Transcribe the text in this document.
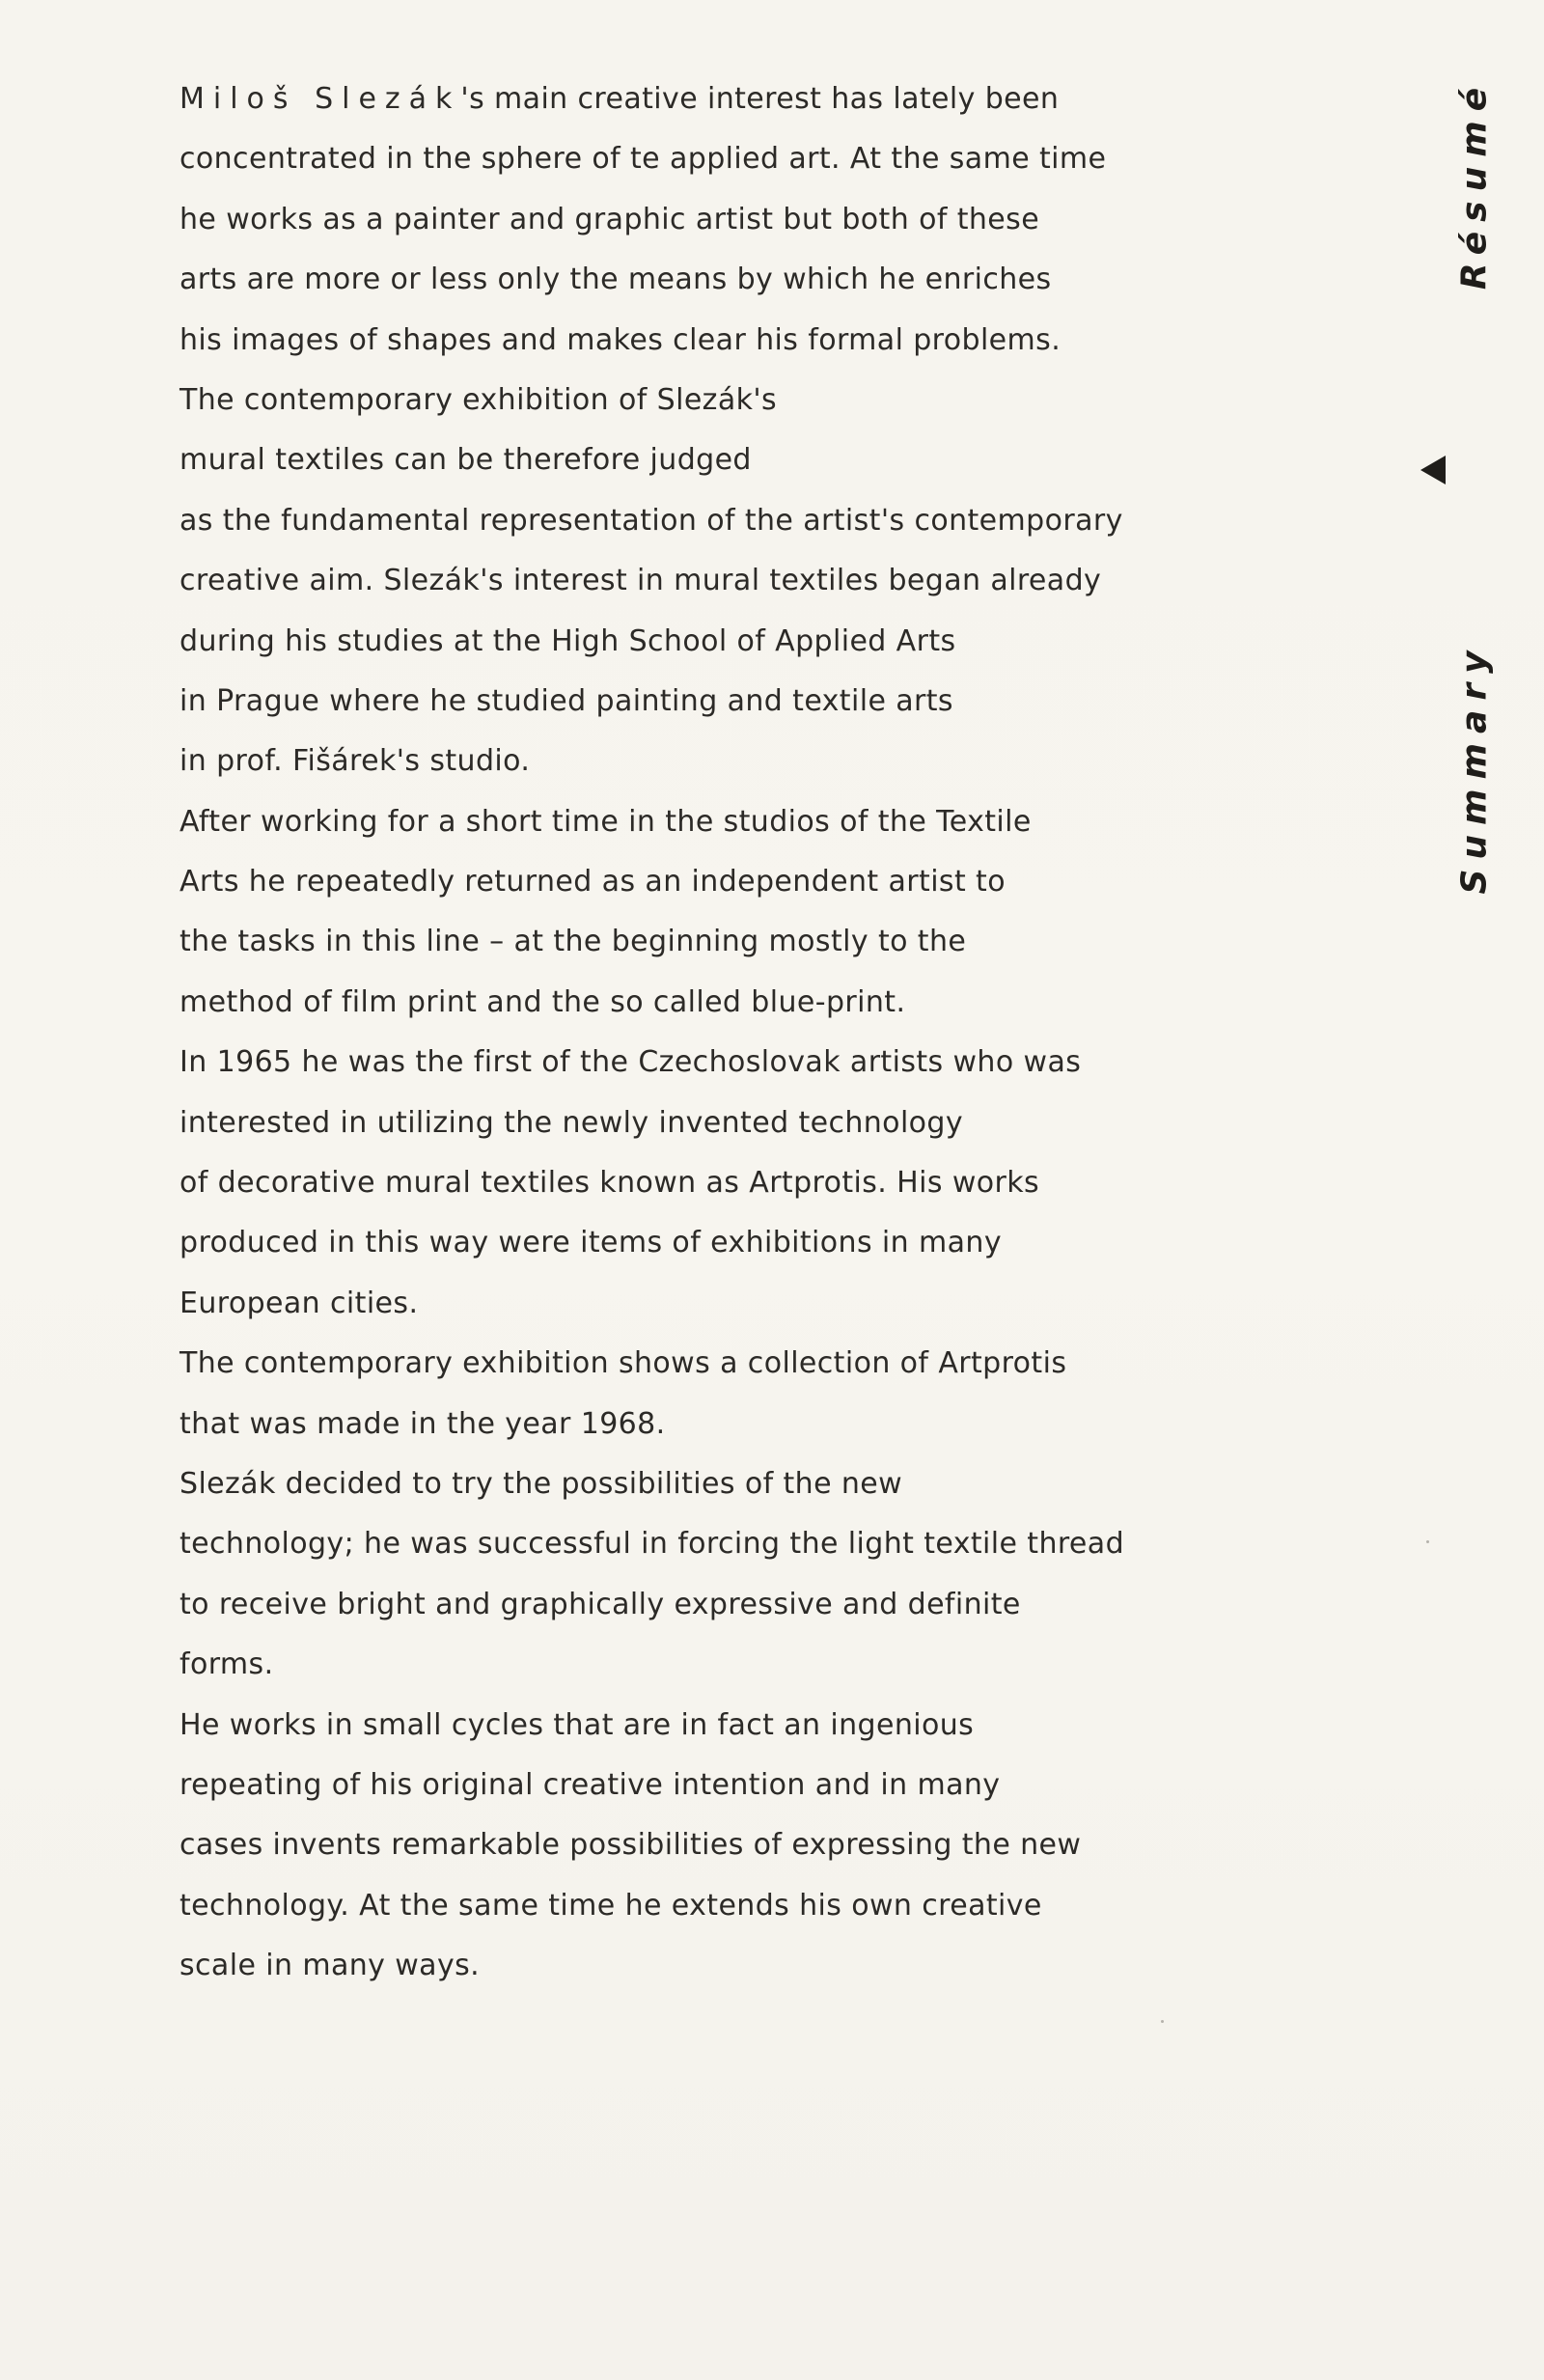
Miloš Slezák's main creative interest has lately been
concentrated in the sphere of te applied art. At the same time
he works as a painter and graphic artist but both of these
arts are more or less only the means by which he enriches
his images of shapes and makes clear his formal problems.
The contemporary exhibition of Slezák's
mural textiles can be therefore judged
as the fundamental representation of the artist's contemporary
creative aim. Slezák's interest in mural textiles began already
during his studies at the High School of Applied Arts
in Prague where he studied painting and textile arts
in prof. Fišárek's studio.
After working for a short time in the studios of the Textile
Arts he repeatedly returned as an independent artist to
the tasks in this line – at the beginning mostly to the
method of film print and the so called blue-print.
In 1965 he was the first of the Czechoslovak artists who was
interested in utilizing the newly invented technology
of decorative mural textiles known as Artprotis. His works
produced in this way were items of exhibitions in many
European cities.
The contemporary exhibition shows a collection of Artprotis
that was made in the year 1968.
Slezák decided to try the possibilities of the new
technology; he was successful in forcing the light textile thread
to receive bright and graphically expressive and definite
forms.
He works in small cycles that are in fact an ingenious
repeating of his original creative intention and in many
cases invents remarkable possibilities of expressing the new
technology. At the same time he extends his own creative
scale in many ways.
Résumé
Summary
